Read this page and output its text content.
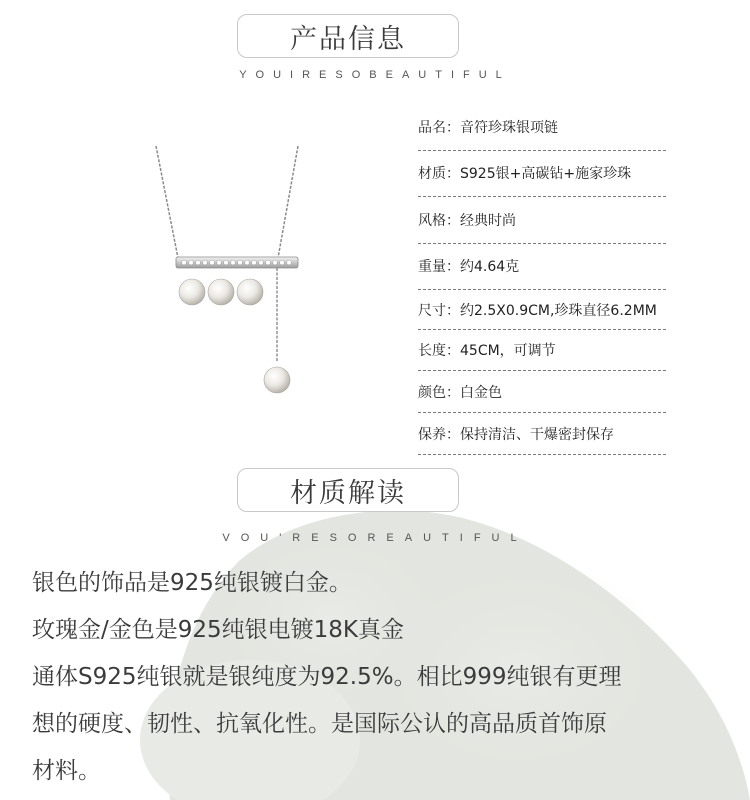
产品信息
YOUIRESOBEAUTIFUL
品名：音符珍珠银项链
材质：S925银+高碳钻+施家珍珠
风格：经典时尚
重量：约4.64克
尺寸：约2.5X0.9CM,珍珠直径6.2MM
长度：45CM，可调节
颜色：白金色
保养：保持清洁、干爆密封保存
材质解读
VOU'RESOREAUTIFUL

银色的饰品是925纯银镀白金。

玫瑰金/金色是925纯银电镀18K真金

通体S925纯银就是银纯度为92.5%。相比999纯银有更理

想的硬度、韧性、抗氧化性。是国际公认的高品质首饰原

材料。
